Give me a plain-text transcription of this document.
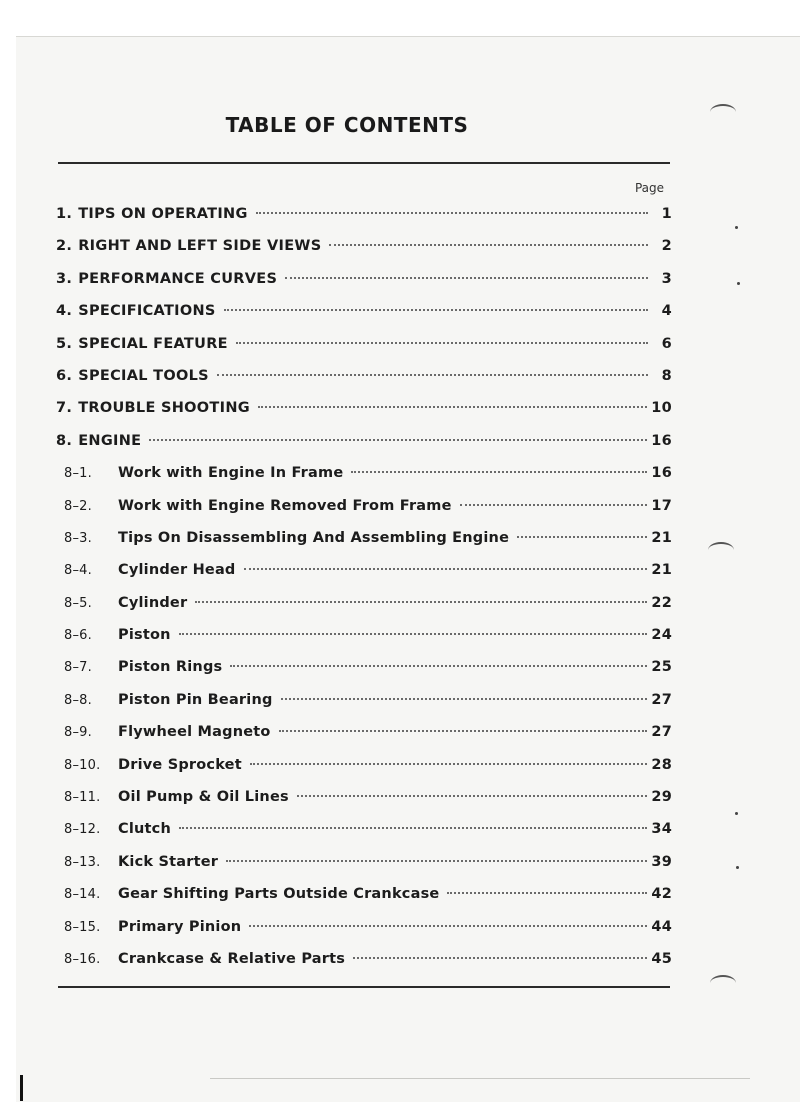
TABLE OF CONTENTS
Page
1. TIPS ON OPERATING	1
2. RIGHT AND LEFT SIDE VIEWS	2
3. PERFORMANCE CURVES	3
4. SPECIFICATIONS	4
5. SPECIAL FEATURE	6
6. SPECIAL TOOLS	8
7. TROUBLE SHOOTING	10
8. ENGINE	16
8–1.	Work with Engine In Frame	16
8–2.	Work with Engine Removed From Frame	17
8–3.	Tips On Disassembling And Assembling Engine	21
8–4.	Cylinder Head	21
8–5.	Cylinder	22
8–6.	Piston	24
8–7.	Piston Rings	25
8–8.	Piston Pin Bearing	27
8–9.	Flywheel Magneto	27
8–10.	Drive Sprocket	28
8–11.	Oil Pump & Oil Lines	29
8–12.	Clutch	34
8–13.	Kick Starter	39
8–14.	Gear Shifting Parts Outside Crankcase	42
8–15.	Primary Pinion	44
8–16.	Crankcase & Relative Parts	45
